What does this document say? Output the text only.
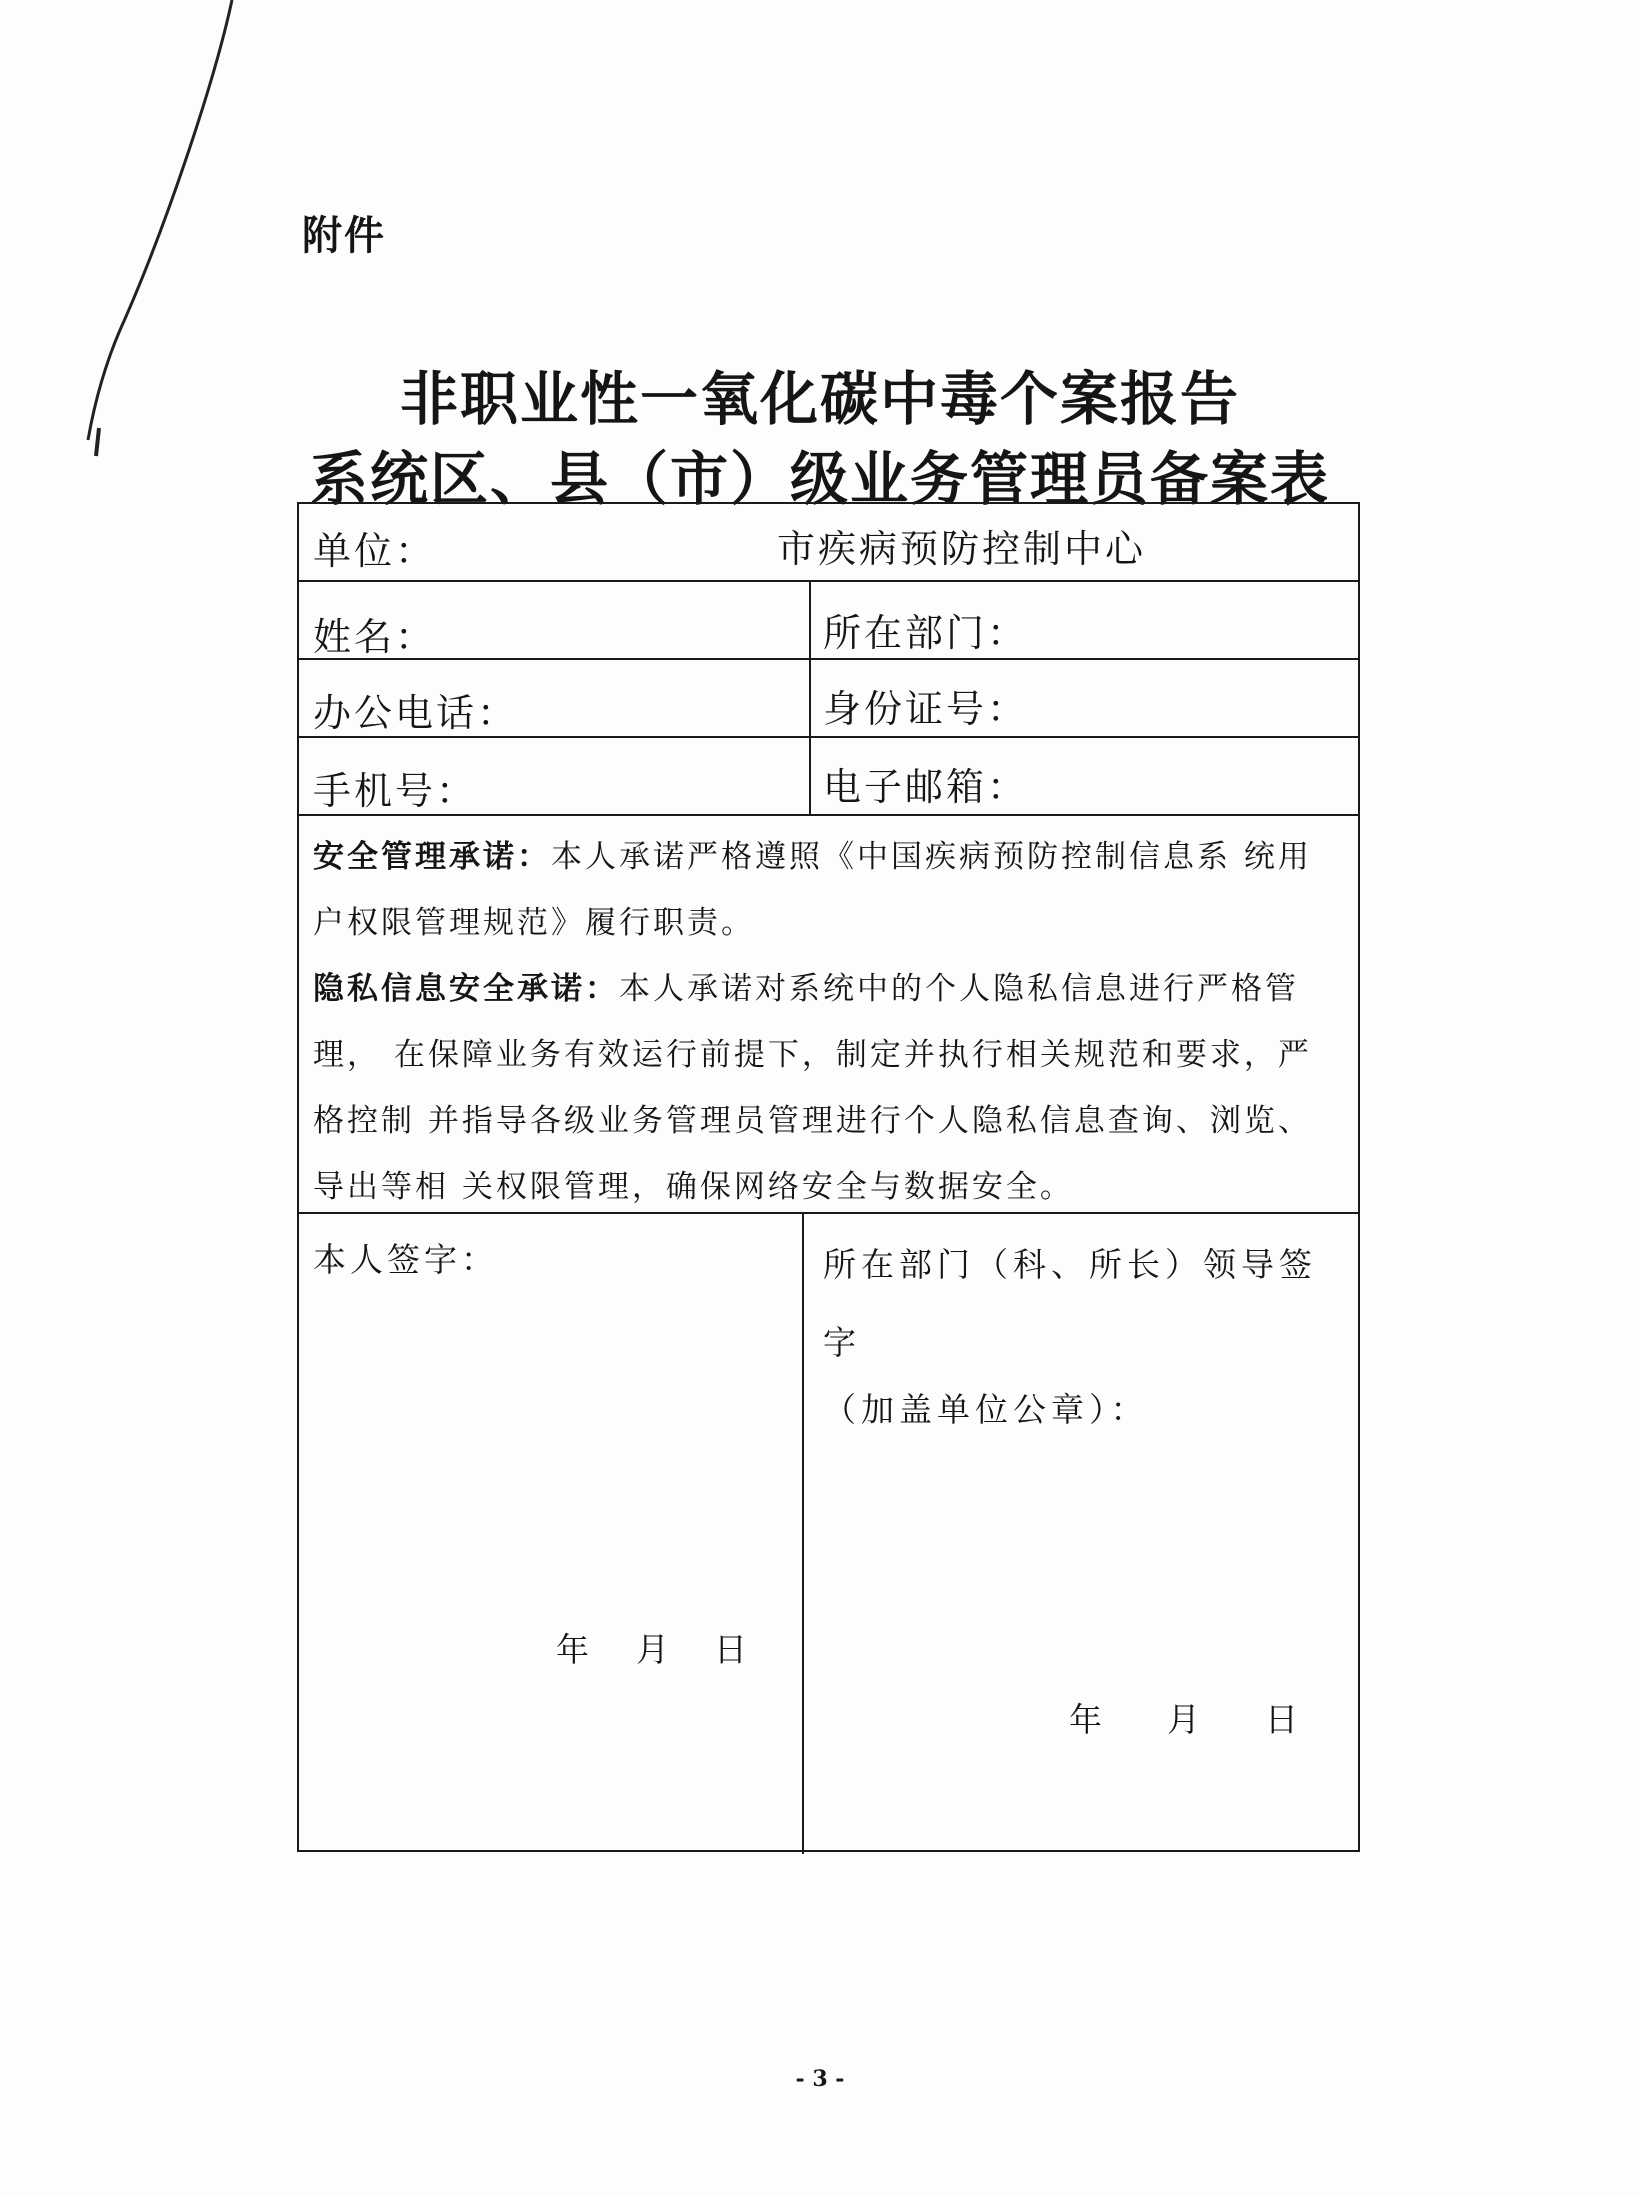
附件
非职业性一氧化碳中毒个案报告
系统区、县（市）级业务管理员备案表
单位：	市疾病预防控制中心
姓名：	所在部门：
办公电话：	身份证号：
手机号：	电子邮箱：

安全管理承诺：本人承诺严格遵照《中国疾病预防控制信息系 统用户权限管理规范》履行职责。

隐私信息安全承诺：本人承诺对系统中的个人隐私信息进行严格管理， 在保障业务有效运行前提下，制定并执行相关规范和要求，严格控制 并指导各级业务管理员管理进行个人隐私信息查询、浏览、导出等相 关权限管理，确保网络安全与数据安全。

本人签字：
年 月 日

所在部门（科、所长）领导签字

（加盖单位公章）：
年 月 日
- 3 -
